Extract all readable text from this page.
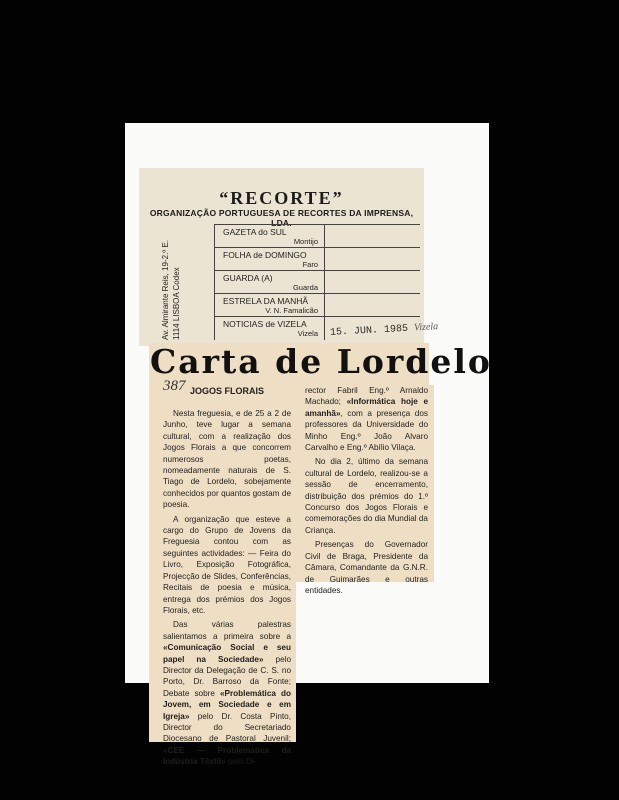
“RECORTE”
ORGANIZAÇÃO PORTUGUESA DE RECORTES DA IMPRENSA, LDA.
Av. Almirante Reis, 19-2.º E. 1114 LISBOA Codex
GAZETA do SUL
Montijo
FOLHA de DOMINGO
Faro
GUARDA (A)
Guarda
ESTRELA DA MANHÃ
V. N. Famalicão
NOTICIAS de VIZELA
Vizela 15. JUN. 1985 Vizela
Carta de Lordelo
387 JOGOS FLORAIS

Nesta freguesia, e de 25 a 2 de Junho, teve lugar a semana cultural, com a realização dos Jogos Florais a que concorrem numerosos poetas, nomeadamente naturais de S. Tiago de Lordelo, sobejamente conhecidos por quantos gostam de poesia.

A organização que esteve a cargo do Grupo de Jovens da Freguesia contou com as seguintes actividades: — Feira do Livro, Exposição Fotográfica, Projecção de Slides, Conferências, Recitais de poesia e música, entrega dos prémios dos Jogos Florais, etc.

Das várias palestras salientamos a primeira sobre a «Comunicação Social e seu papel na Sociedade» pelo Director da Delegação de C. S. no Porto, Dr. Barroso da Fonte; Debate sobre «Problemática do Jovem, em Sociedade e em Igreja» pelo Dr. Costa Pinto, Director do Secretariado Diocesano de Pastoral Juvenil; «CEE — Problemática da Indústria Têxtil» pelo Di-

rector Fabril Eng.º Arnaldo Machado; «Informática hoje e amanhã», com a presença dos professores da Universidade do Minho Eng.º João Alvaro Carvalho e Eng.º Abílio Vilaça.

No dia 2, último da semana cultural de Lordelo, realizou-se a sessão de encerramento, distribuição dos prémios do 1.º Concurso dos Jogos Florais e comemorações do dia Mundial da Criança.

Presenças do Governador Civil de Braga, Presidente da Câmara, Comandante da G.N.R. de Guimarães e outras entidades.
